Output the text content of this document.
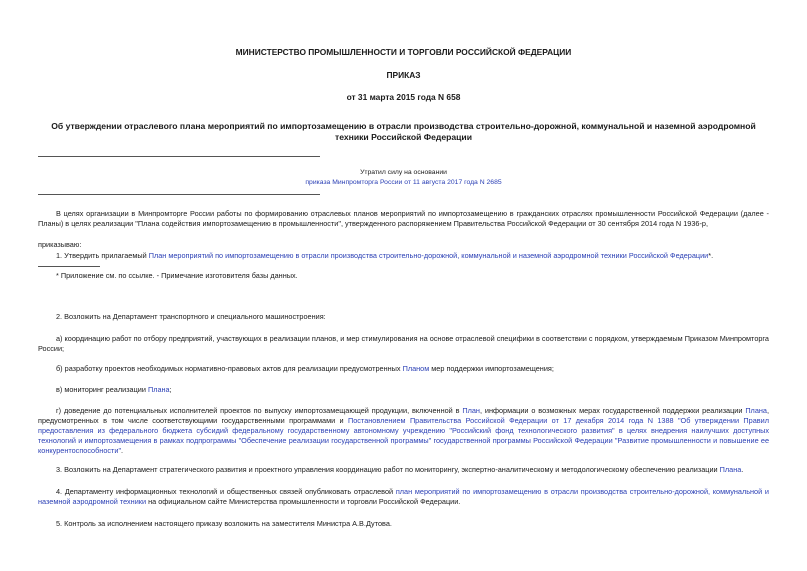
МИНИСТЕРСТВО ПРОМЫШЛЕННОСТИ И ТОРГОВЛИ РОССИЙСКОЙ ФЕДЕРАЦИИ
ПРИКАЗ
от 31 марта 2015 года N 658
Об утверждении отраслевого плана мероприятий по импортозамещению в отрасли производства строительно-дорожной, коммунальной и наземной аэродромной техники Российской Федерации
Утратил силу на основании
приказа Минпромторга России от 11 августа 2017 года N 2685

В целях организации в Минпромторге России работы по формированию отраслевых планов мероприятий по импортозамещению в гражданских отраслях промышленности Российской Федерации (далее - Планы) в целях реализации "Плана содействия импортозамещению в промышленности", утвержденного распоряжением Правительства Российской Федерации от 30 сентября 2014 года N 1936-р,

приказываю:

1. Утвердить прилагаемый План мероприятий по импортозамещению в отрасли производства строительно-дорожной, коммунальной и наземной аэродромной техники Российской Федерации*.

* Приложение см. по ссылке. - Примечание изготовителя базы данных.

2. Возложить на Департамент транспортного и специального машиностроения:

а) координацию работ по отбору предприятий, участвующих в реализации планов, и мер стимулирования на основе отраслевой специфики в соответствии с порядком, утверждаемым Приказом Минпромторга России;

б) разработку проектов необходимых нормативно-правовых актов для реализации предусмотренных Планом мер поддержки импортозамещения;

в) мониторинг реализации Плана;

г) доведение до потенциальных исполнителей проектов по выпуску импортозамещающей продукции, включенной в План, информации о возможных мерах государственной поддержки реализации Плана, предусмотренных в том числе соответствующими государственными программами и Постановлением Правительства Российской Федерации от 17 декабря 2014 года N 1388 "Об утверждении Правил предоставления из федерального бюджета субсидий федеральному государственному автономному учреждению "Российский фонд технологического развития" в целях внедрения наилучших доступных технологий и импортозамещения в рамках подпрограммы "Обеспечение реализации государственной программы" государственной программы Российской Федерации "Развитие промышленности и повышение ее конкурентоспособности".

3. Возложить на Департамент стратегического развития и проектного управления координацию работ по мониторингу, экспертно-аналитическому и методологическому обеспечению реализации Плана.

4. Департаменту информационных технологий и общественных связей опубликовать отраслевой план мероприятий по импортозамещению в отрасли производства строительно-дорожной, коммунальной и наземной аэродромной техники на официальном сайте Министерства промышленности и торговли Российской Федерации.

5. Контроль за исполнением настоящего приказу возложить на заместителя Министра А.В.Дутова.
